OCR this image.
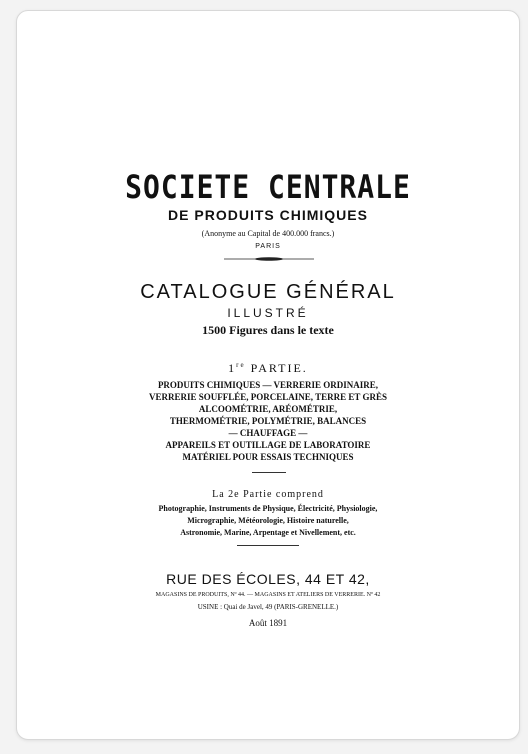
SOCIETE CENTRALE
DE PRODUITS CHIMIQUES
(Anonyme au Capital de 400.000 francs.)
PARIS
CATALOGUE GÉNÉRAL
ILLUSTRÉ
1500 Figures dans le texte
1re PARTIE.
PRODUITS CHIMIQUES — VERRERIE ORDINAIRE,
VERRERIE SOUFFLÉE, PORCELAINE, TERRE ET GRÈS
ALCOOMÉTRIE, ARÉOMÉTRIE,
THERMOMÉTRIE, POLYMÉTRIE, BALANCES
— CHAUFFAGE —
APPAREILS ET OUTILLAGE DE LABORATOIRE
MATÉRIEL POUR ESSAIS TECHNIQUES
La 2e Partie comprend
Photographie, Instruments de Physique, Électricité, Physiologie,
Micrographie, Météorologie, Histoire naturelle,
Astronomie, Marine, Arpentage et Nivellement, etc.
RUE DES ÉCOLES, 44 ET 42,
MAGASINS DE PRODUITS, Nº 44. — MAGASINS ET ATELIERS DE VERRERIE. Nº 42
USINE : Quai de Javel, 49 (PARIS-GRENELLE.)
Août 1891
